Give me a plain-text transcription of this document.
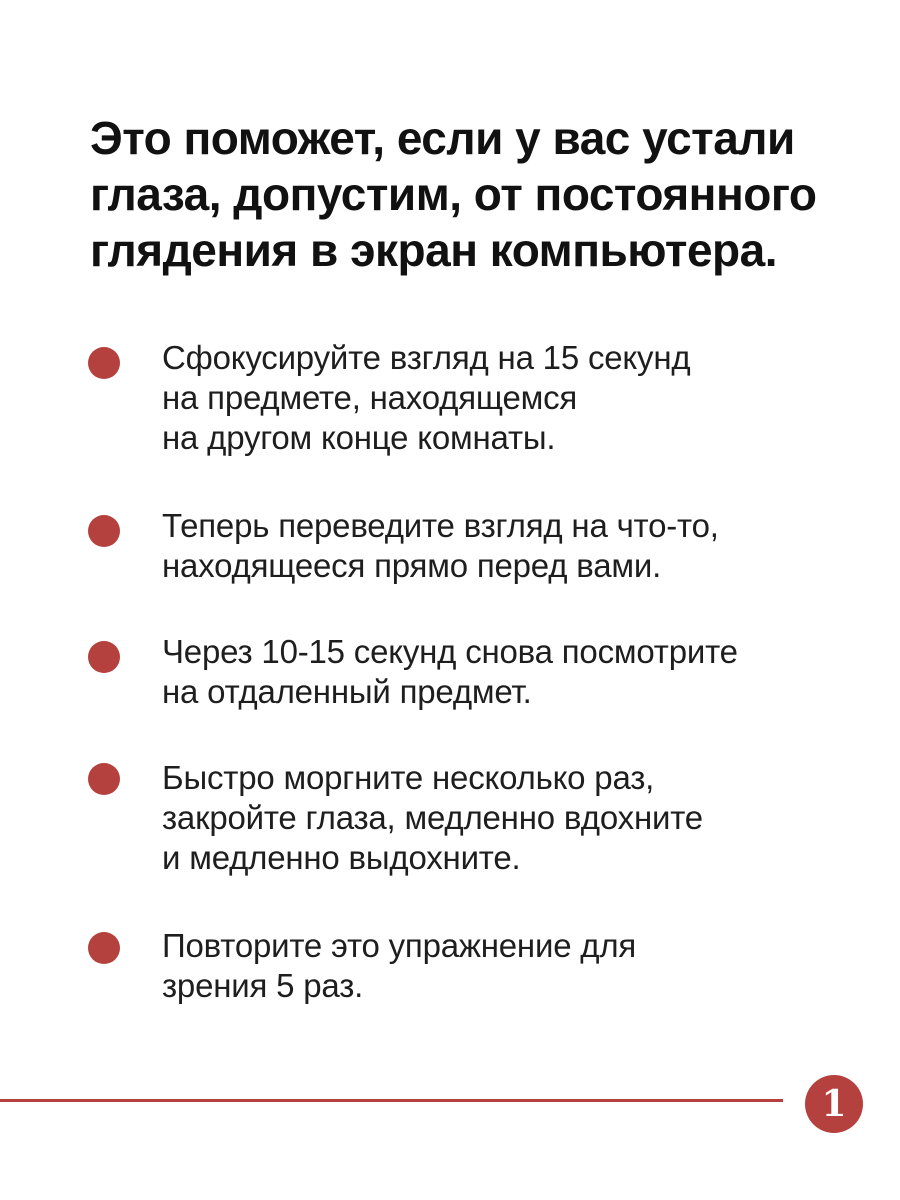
Это поможет, если у вас устали
глаза, допустим, от постоянного
глядения в экран компьютера.
Сфокусируйте взгляд на 15 секунд
на предмете, находящемся
на другом конце комнаты.
Теперь переведите взгляд на что-то,
находящееся прямо перед вами.
Через 10-15 секунд снова посмотрите
на отдаленный предмет.
Быстро моргните несколько раз,
закройте глаза, медленно вдохните
и медленно выдохните.
Повторите это упражнение для
зрения 5 раз.
1
